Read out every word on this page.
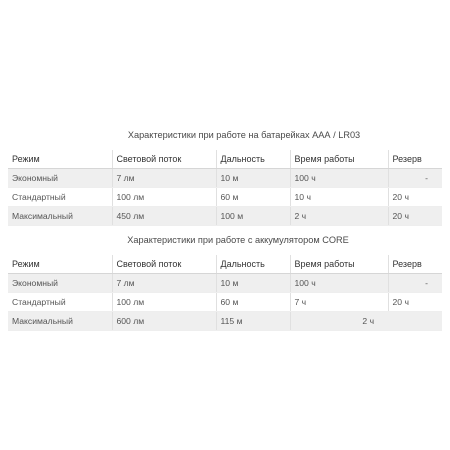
Характеристики при работе на батарейках ААА / LR03
Режим	Световой поток	Дальность	Время работы	Резерв
Экономный	7 лм	10 м	100 ч	-
Стандартный	100 лм	60 м	10 ч	20 ч
Максимальный	450 лм	100 м	2 ч	20 ч
Характеристики при работе с аккумулятором CORE
Режим	Световой поток	Дальность	Время работы	Резерв
Экономный	7 лм	10 м	100 ч	-
Стандартный	100 лм	60 м	7 ч	20 ч
Максимальный	600 лм	115 м	2 ч	
